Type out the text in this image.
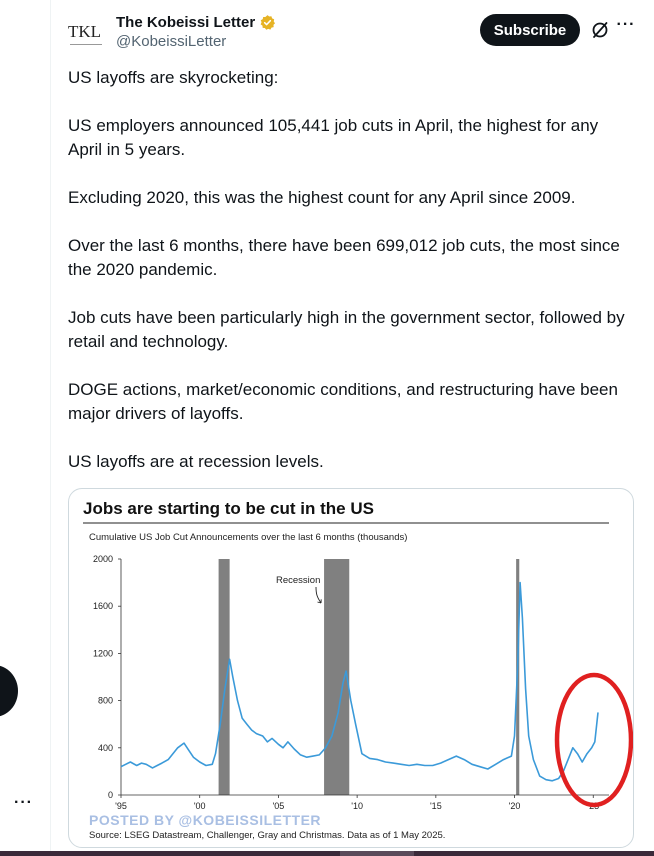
···
TKL The Kobeissi Letter
@KobeissiLetter
Subscribe	···

US layoffs are skyrocketing:

US employers announced 105,441 job cuts in April, the highest for any April in 5 years.

Excluding 2020, this was the highest count for any April since 2009.

Over the last 6 months, there have been 699,012 job cuts, the most since the 2020 pandemic.

Job cuts have been particularly high in the government sector, followed by retail and technology.

DOGE actions, market/economic conditions, and restructuring have been major drivers of layoffs.

US layoffs are at recession levels.

Jobs are starting to be cut in the US
Cumulative US Job Cut Announcements over the last 6 months (thousands)
0
400
800
1200
1600
2000
'95	'00	'05	'10	'15	'20	'25
Recession
POSTED BY @KOBEISSILETTER
Source: LSEG Datastream, Challenger, Gray and Christmas. Data as of 1 May 2025.
